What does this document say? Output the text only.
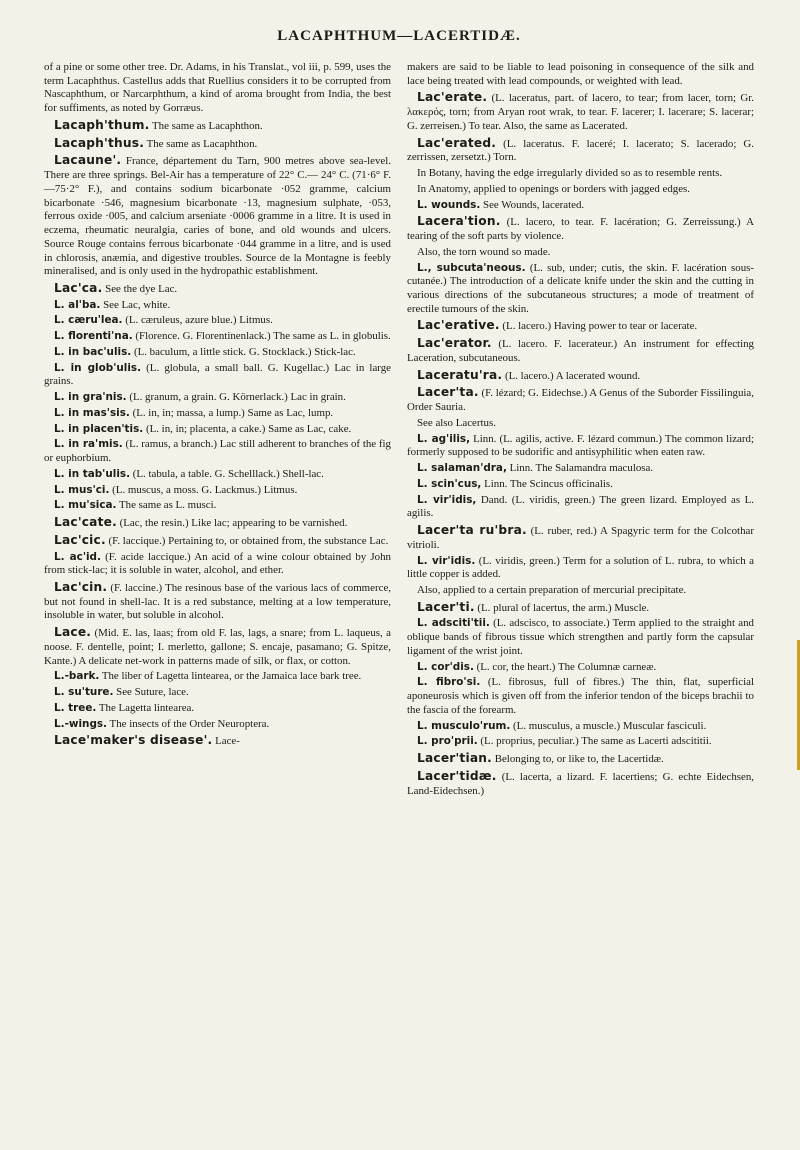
LACAPHTHUM—LACERTIDÆ.

of a pine or some other tree. Dr. Adams, in his Translat., vol iii, p. 599, uses the term Lacaphthus. Castellus adds that Ruellius considers it to be corrupted from Nascaphthum, or Narcarphthum, a kind of aroma brought from India, the best for suffiments, as noted by Gorræus.

Lacaph'thum. The same as Lacaphthon.

Lacaph'thus. The same as Lacaphthon.

Lacaune'. France, département du Tarn, 900 metres above sea-level. There are three springs. Bel-Air has a temperature of 22° C.— 24° C. (71·6° F.—75·2° F.), and contains sodium bicarbonate ·052 gramme, calcium bicarbonate ·546, magnesium bicarbonate ·13, magnesium sulphate, ·053, ferrous oxide ·005, and calcium arseniate ·0006 gramme in a litre. It is used in eczema, rheumatic neuralgia, caries of bone, and old wounds and ulcers. Source Rouge contains ferrous bicarbonate ·044 gramme in a litre, and is used in chlorosis, anæmia, and digestive troubles. Source de la Montagne is feebly mineralised, and is only used in the hydropathic establishment.

Lac'ca. See the dye Lac.

L. al'ba. See Lac, white.

L. cæru'lea. (L. cæruleus, azure blue.) Litmus.

L. florenti'na. (Florence. G. Florentinenlack.) The same as L. in globulis.

L. in bac'ulis. (L. baculum, a little stick. G. Stocklack.) Stick-lac.

L. in glob'ulis. (L. globula, a small ball. G. Kugellac.) Lac in large grains.

L. in gra'nis. (L. granum, a grain. G. Körnerlack.) Lac in grain.

L. in mas'sis. (L. in, in; massa, a lump.) Same as Lac, lump.

L. in placen'tis. (L. in, in; placenta, a cake.) Same as Lac, cake.

L. in ra'mis. (L. ramus, a branch.) Lac still adherent to branches of the fig or euphorbium.

L. in tab'ulis. (L. tabula, a table. G. Schelllack.) Shell-lac.

L. mus'ci. (L. muscus, a moss. G. Lackmus.) Litmus.

L. mu'sica. The same as L. musci.

Lac'cate. (Lac, the resin.) Like lac; appearing to be varnished.

Lac'cic. (F. laccique.) Pertaining to, or obtained from, the substance Lac.

L. ac'id. (F. acide laccique.) An acid of a wine colour obtained by John from stick-lac; it is soluble in water, alcohol, and ether.

Lac'cin. (F. laccine.) The resinous base of the various lacs of commerce, but not found in shell-lac. It is a red substance, melting at a low temperature, insoluble in water, but soluble in alcohol.

Lace. (Mid. E. las, laas; from old F. las, lags, a snare; from L. laqueus, a noose. F. dentelle, point; I. merletto, gallone; S. encaje, pasamano; G. Spitze, Kante.) A delicate net-work in patterns made of silk, or flax, or cotton.

L.-bark. The liber of Lagetta lintearea, or the Jamaica lace bark tree.

L. su'ture. See Suture, lace.

L. tree. The Lagetta lintearea.

L.-wings. The insects of the Order Neuroptera.

Lace'maker's disease'. Lace-

makers are said to be liable to lead poisoning in consequence of the silk and lace being treated with lead compounds, or weighted with lead.

Lac'erate. (L. laceratus, part. of lacero, to tear; from lacer, torn; Gr. λακερός, torn; from Aryan root wrak, to tear. F. lacerer; I. lacerare; S. lacerar; G. zerreisen.) To tear. Also, the same as Lacerated.

Lac'erated. (L. laceratus. F. laceré; I. lacerato; S. lacerado; G. zerrissen, zersetzt.) Torn.

In Botany, having the edge irregularly divided so as to resemble rents.

In Anatomy, applied to openings or borders with jagged edges.

L. wounds. See Wounds, lacerated.

Lacera'tion. (L. lacero, to tear. F. lacération; G. Zerreissung.) A tearing of the soft parts by violence.

Also, the torn wound so made.

L., subcuta'neous. (L. sub, under; cutis, the skin. F. lacération sous-cutanée.) The introduction of a delicate knife under the skin and the cutting in various directions of the subcutaneous structures; a mode of treatment of erectile tumours of the skin.

Lac'erative. (L. lacero.) Having power to tear or lacerate.

Lac'erator. (L. lacero. F. lacerateur.) An instrument for effecting Laceration, subcutaneous.

Laceratu'ra. (L. lacero.) A lacerated wound.

Lacer'ta. (F. lézard; G. Eidechse.) A Genus of the Suborder Fissilinguia, Order Sauria.

See also Lacertus.

L. ag'ilis, Linn. (L. agilis, active. F. lézard commun.) The common lizard; formerly supposed to be sudorific and antisyphilitic when eaten raw.

L. salaman'dra, Linn. The Salamandra maculosa.

L. scin'cus, Linn. The Scincus officinalis.

L. vir'idis, Dand. (L. viridis, green.) The green lizard. Employed as L. agilis.

Lacer'ta ru'bra. (L. ruber, red.) A Spagyric term for the Colcothar vitrioli.

L. vir'idis. (L. viridis, green.) Term for a solution of L. rubra, to which a little copper is added.

Also, applied to a certain preparation of mercurial precipitate.

Lacer'ti. (L. plural of lacertus, the arm.) Muscle.

L. adsciti'tii. (L. adscisco, to associate.) Term applied to the straight and oblique bands of fibrous tissue which strengthen and partly form the capsular ligament of the wrist joint.

L. cor'dis. (L. cor, the heart.) The Columnæ carneæ.

L. fibro'si. (L. fibrosus, full of fibres.) The thin, flat, superficial aponeurosis which is given off from the inferior tendon of the biceps brachii to the fascia of the forearm.

L. musculo'rum. (L. musculus, a muscle.) Muscular fasciculi.

L. pro'prii. (L. proprius, peculiar.) The same as Lacerti adscititii.

Lacer'tian. Belonging to, or like to, the Lacertidæ.

Lacer'tidæ. (L. lacerta, a lizard. F. lacertiens; G. echte Eidechsen, Land-Eidechsen.)
